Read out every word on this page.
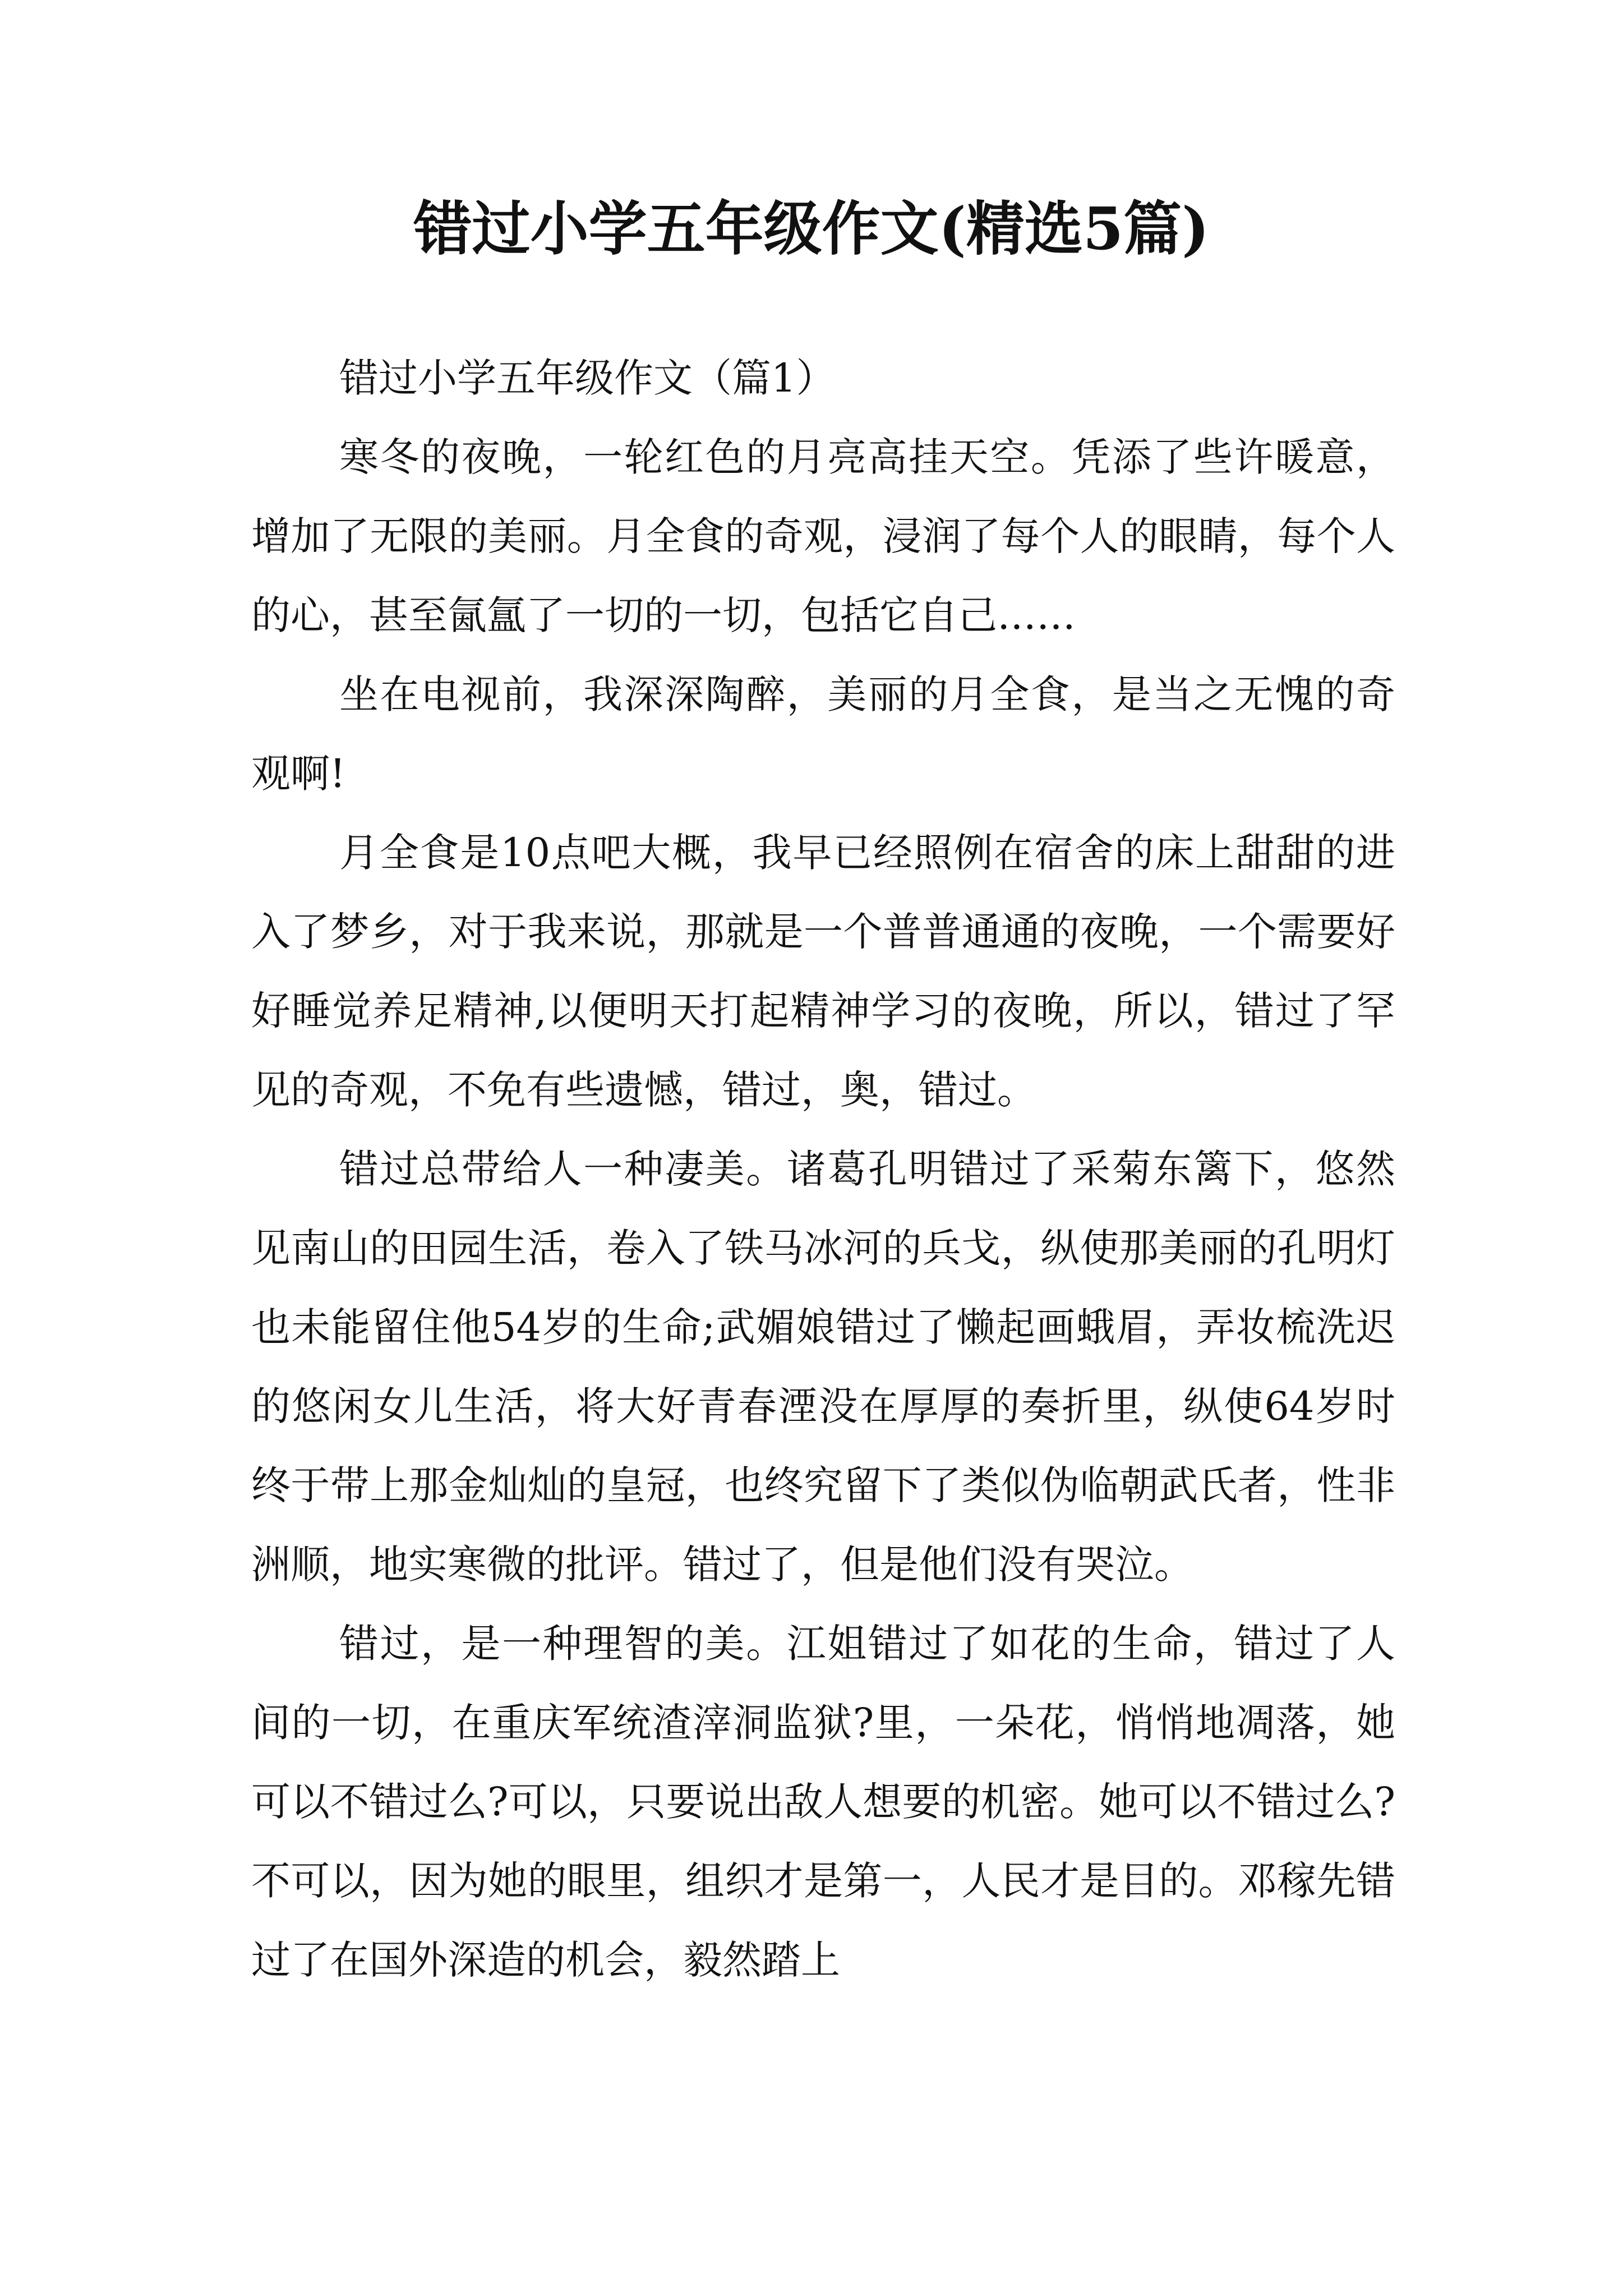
错过小学五年级作文(精选5篇)

错过小学五年级作文（篇1）

寒冬的夜晚，一轮红色的月亮高挂天空。凭添了些许暖意，增加了无限的美丽。月全食的奇观，浸润了每个人的眼睛，每个人的心，甚至氤氲了一切的一切，包括它自己……

坐在电视前，我深深陶醉，美丽的月全食，是当之无愧的奇观啊!

月全食是10点吧大概，我早已经照例在宿舍的床上甜甜的进入了梦乡，对于我来说，那就是一个普普通通的夜晚，一个需要好好睡觉养足精神,以便明天打起精神学习的夜晚，所以，错过了罕见的奇观，不免有些遗憾，错过，奥，错过。

错过总带给人一种凄美。诸葛孔明错过了采菊东篱下，悠然见南山的田园生活，卷入了铁马冰河的兵戈，纵使那美丽的孔明灯也未能留住他54岁的生命;武媚娘错过了懒起画蛾眉，弄妆梳洗迟的悠闲女儿生活，将大好青春湮没在厚厚的奏折里，纵使64岁时终于带上那金灿灿的皇冠，也终究留下了类似伪临朝武氏者，性非洲顺，地实寒微的批评。错过了，但是他们没有哭泣。

错过，是一种理智的美。江姐错过了如花的生命，错过了人间的一切，在重庆军统渣滓洞监狱?里，一朵花，悄悄地凋落，她可以不错过么?可以，只要说出敌人想要的机密。她可以不错过么?不可以，因为她的眼里，组织才是第一，人民才是目的。邓稼先错过了在国外深造的机会，毅然踏上
